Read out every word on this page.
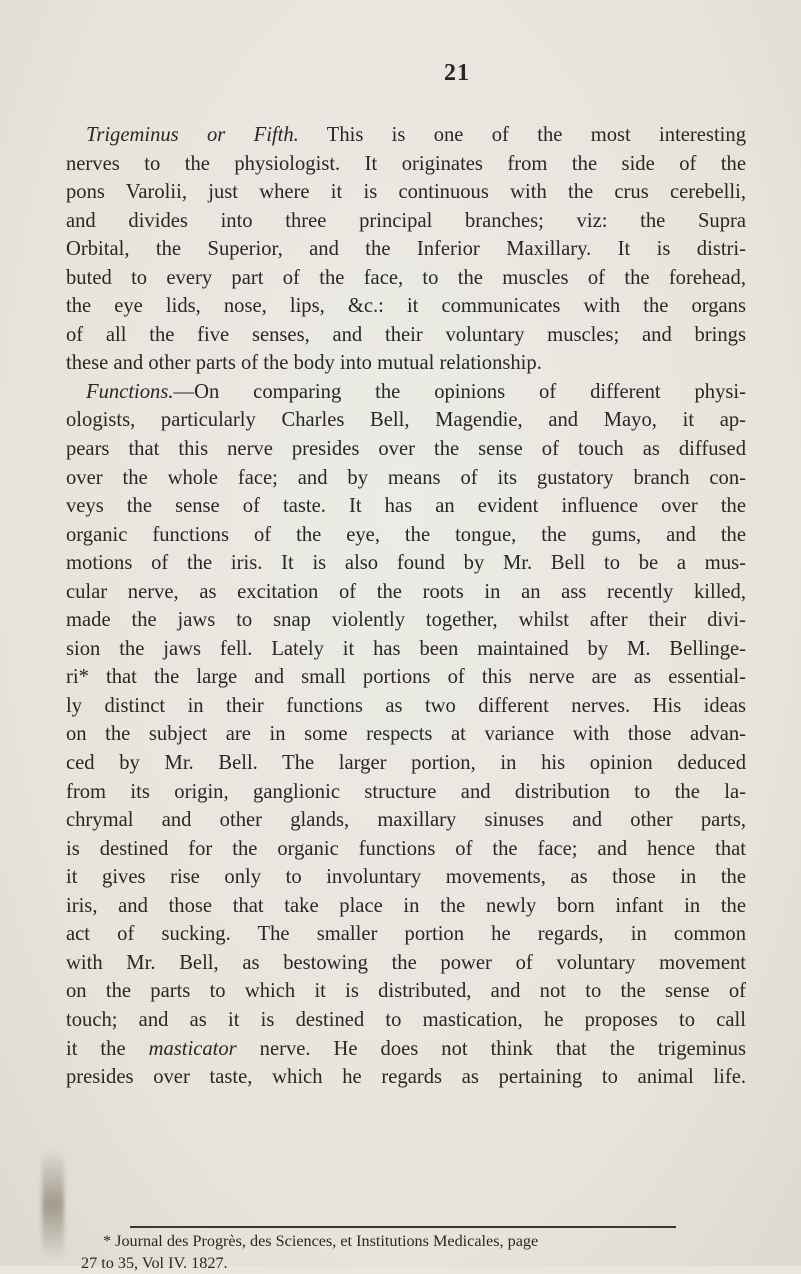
21
Trigeminus or Fifth. This is one of the most interesting
nerves to the physiologist. It originates from the side of the
pons Varolii, just where it is continuous with the crus cerebelli,
and divides into three principal branches; viz: the Supra
Orbital, the Superior, and the Inferior Maxillary. It is distri-
buted to every part of the face, to the muscles of the forehead,
the eye lids, nose, lips, &c.: it communicates with the organs
of all the five senses, and their voluntary muscles; and brings
these and other parts of the body into mutual relationship.
Functions.—On comparing the opinions of different physi-
ologists, particularly Charles Bell, Magendie, and Mayo, it ap-
pears that this nerve presides over the sense of touch as diffused
over the whole face; and by means of its gustatory branch con-
veys the sense of taste. It has an evident influence over the
organic functions of the eye, the tongue, the gums, and the
motions of the iris. It is also found by Mr. Bell to be a mus-
cular nerve, as excitation of the roots in an ass recently killed,
made the jaws to snap violently together, whilst after their divi-
sion the jaws fell. Lately it has been maintained by M. Bellinge-
ri* that the large and small portions of this nerve are as essential-
ly distinct in their functions as two different nerves. His ideas
on the subject are in some respects at variance with those advan-
ced by Mr. Bell. The larger portion, in his opinion deduced
from its origin, ganglionic structure and distribution to the la-
chrymal and other glands, maxillary sinuses and other parts,
is destined for the organic functions of the face; and hence that
it gives rise only to involuntary movements, as those in the
iris, and those that take place in the newly born infant in the
act of sucking. The smaller portion he regards, in common
with Mr. Bell, as bestowing the power of voluntary movement
on the parts to which it is distributed, and not to the sense of
touch; and as it is destined to mastication, he proposes to call
it the masticator nerve. He does not think that the trigeminus
presides over taste, which he regards as pertaining to animal life.
* Journal des Progrès, des Sciences, et Institutions Medicales, page
27 to 35, Vol IV. 1827.
